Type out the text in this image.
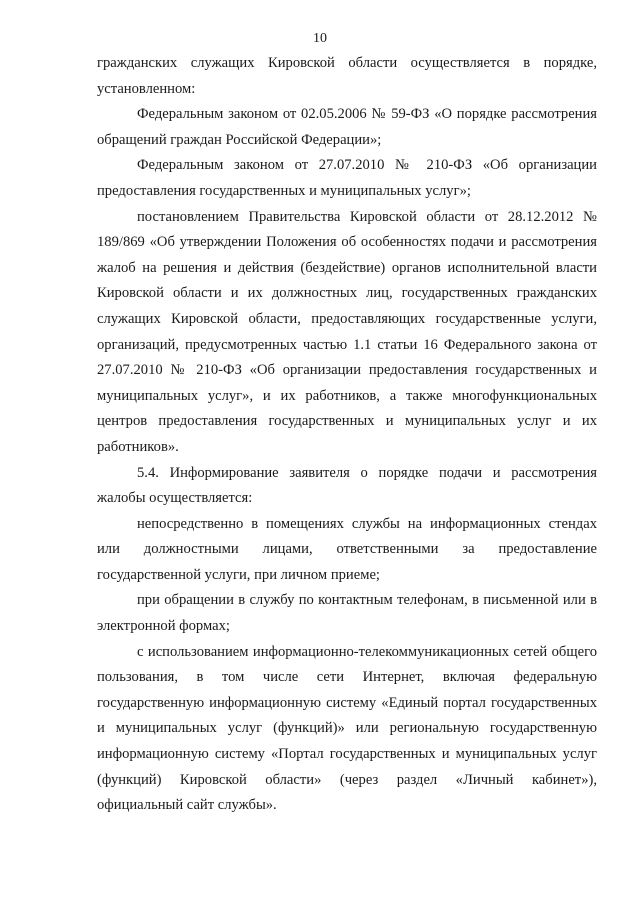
10

гражданских служащих Кировской области осуществляется в порядке, установленном:

Федеральным законом от 02.05.2006 № 59-ФЗ «О порядке рассмотрения обращений граждан Российской Федерации»;

Федеральным законом от 27.07.2010 № 210-ФЗ «Об организации предоставления государственных и муниципальных услуг»;

постановлением Правительства Кировской области от 28.12.2012 № 189/869 «Об утверждении Положения об особенностях подачи и рассмотрения жалоб на решения и действия (бездействие) органов исполнительной власти Кировской области и их должностных лиц, государственных гражданских служащих Кировской области, предоставляющих государственные услуги, организаций, предусмотренных частью 1.1 статьи 16 Федерального закона от 27.07.2010 № 210-ФЗ «Об организации предоставления государственных и муниципальных услуг», и их работников, а также многофункциональных центров предоставления государственных и муниципальных услуг и их работников».

5.4. Информирование заявителя о порядке подачи и рассмотрения жалобы осуществляется:

непосредственно в помещениях службы на информационных стендах или должностными лицами, ответственными за предоставление государственной услуги, при личном приеме;

при обращении в службу по контактным телефонам, в письменной или в электронной формах;

с использованием информационно-телекоммуникационных сетей общего пользования, в том числе сети Интернет, включая федеральную государственную информационную систему «Единый портал государственных и муниципальных услуг (функций)» или региональную государственную информационную систему «Портал государственных и муниципальных услуг (функций) Кировской области» (через раздел «Личный кабинет»), официальный сайт службы».
